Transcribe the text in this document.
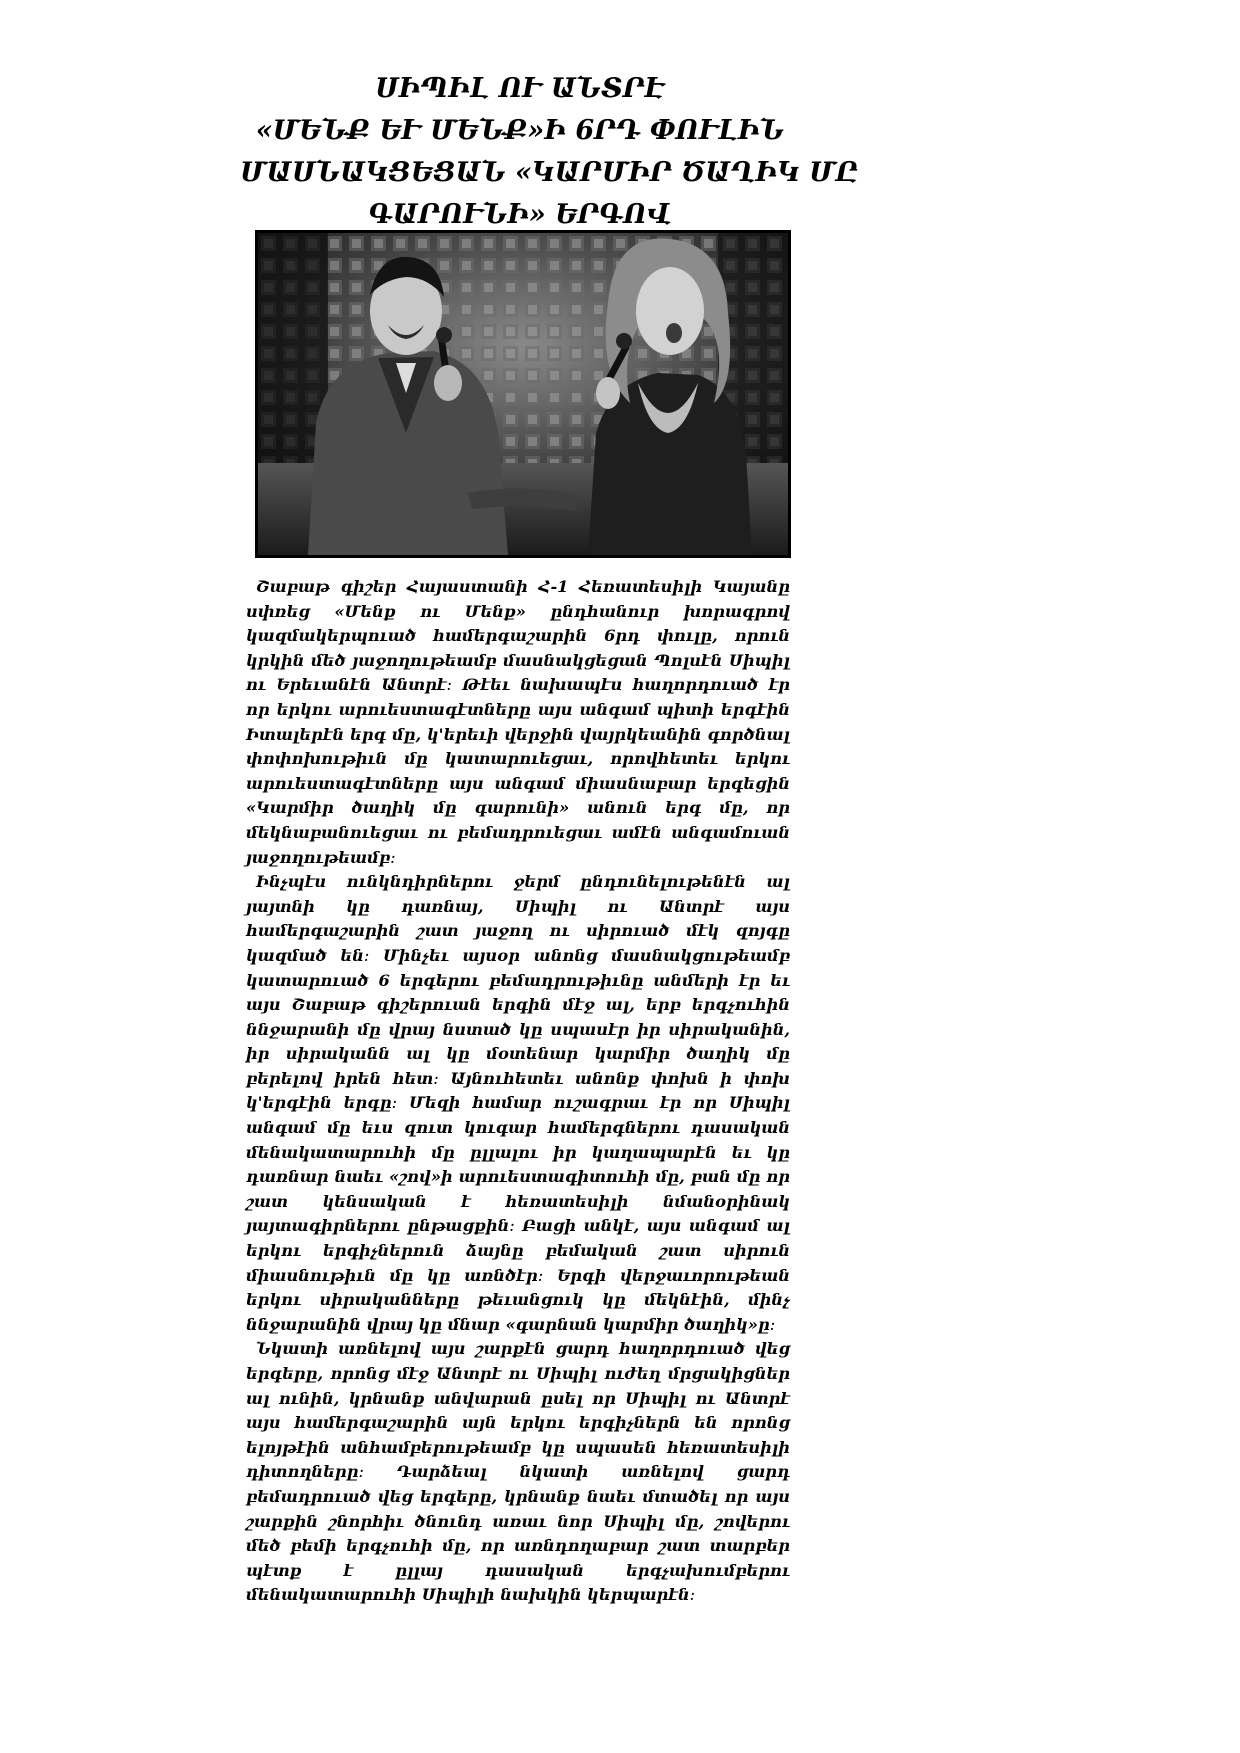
ՍԻՊԻԼ ՈՒ ԱՆՏՐԷ
«ՄԵՆՔ ԵՒ ՄԵՆՔ»Ի 6ՐԴ ՓՈՒԼԻՆ
ՄԱՍՆԱԿՑԵՑԱՆ «ԿԱՐՄԻՐ ԾԱՂԻԿ ՄԸ
ԳԱՐՈՒՆԻ» ԵՐԳՈՎ

Շաբաթ գիշեր Հայաստանի Հ-1 Հեռատեսիլի Կայանը սփռեց «Մենք ու Մենք» ընդհանուր խորագրով կազմակերպուած համերգաշարին 6րդ փուլը, որուն կրկին մեծ յաջողութեամբ մասնակցեցան Պոլսէն Սիպիլ ու Երեւանէն Անտրէ։ Թէեւ նախապէս հաղորդուած էր որ երկու արուեստագէտները այս անգամ պիտի երգէին Իտալերէն երգ մը, կ'երեւի վերջին վայրկեանին գործնալ փոփոխութիւն մը կատարուեցաւ, որովհետեւ երկու արուեստագէտները այս անգամ միասնաբար երգեցին «Կարմիր ծաղիկ մը գարունի» անուն երգ մը, որ մեկնաբանուեցաւ ու բեմադրուեցաւ ամէն անգամուան յաջողութեամբ։

Ինչպէս ունկնդիրներու ջերմ ընդունելութենէն ալ յայտնի կը դառնայ, Սիպիլ ու Անտրէ այս համերգաշարին շատ յաջող ու սիրուած մէկ զոյգը կազմած են։ Մինչեւ այսօր անոնց մասնակցութեամբ կատարուած 6 երգերու բեմադրութիւնը անմերի էր եւ այս Շաբաթ գիշերուան երգին մէջ ալ, երբ երգչուհին ննջարանի մը վրայ նստած կը սպասէր իր սիրականին, իր սիրականն ալ կը մօտենար կարմիր ծաղիկ մը բերելով իրեն հետ։ Այնուհետեւ անոնք փոխն ի փոխ կ'երգէին երգը։ Մեզի համար ուշագրաւ էր որ Սիպիլ անգամ մը եւս զուտ կուգար համերգներու դասական մենակատարուհի մը ըլլալու իր կաղապարէն եւ կը դառնար նաեւ «շով»ի արուեստագիտուհի մը, բան մը որ շատ կենսական է հեռատեսիլի նմանօրինակ յայտագիրներու ընթացքին։ Բացի անկէ, այս անգամ ալ երկու երգիչներուն ձայնը բեմական շատ սիրուն միասնութիւն մը կը առնծէր։ Երգի վերջաւորութեան երկու սիրականները թեւանցուկ կը մեկնէին, մինչ ննջարանին վրայ կը մնար «գարնան կարմիր ծաղիկ»ը։

Նկատի առնելով այս շարքէն ցարդ հաղորդուած վեց երգերը, որոնց մէջ Անտրէ ու Սիպիլ ուժեղ մրցակիցներ ալ ունին, կրնանք անվարան ըսել որ Սիպիլ ու Անտրէ այս համերգաշարին այն երկու երգիչներն են որոնց ելոյթէին անհամբերութեամբ կը սպասեն հեռատեսիլի դիտողները։ Դարձեալ նկատի առնելով ցարդ բեմադրուած վեց երգերը, կրնանք նաեւ մտածել որ այս շարքին շնորհիւ ծնունդ առաւ նոր Սիպիլ մը, շովերու մեծ բեմի երգչուհի մը, որ առնդողաբար շատ տարբեր պէտք է ըլլայ դասական երգչախումբերու մենակատարուհի Սիպիլի նախկին կերպարէն։
